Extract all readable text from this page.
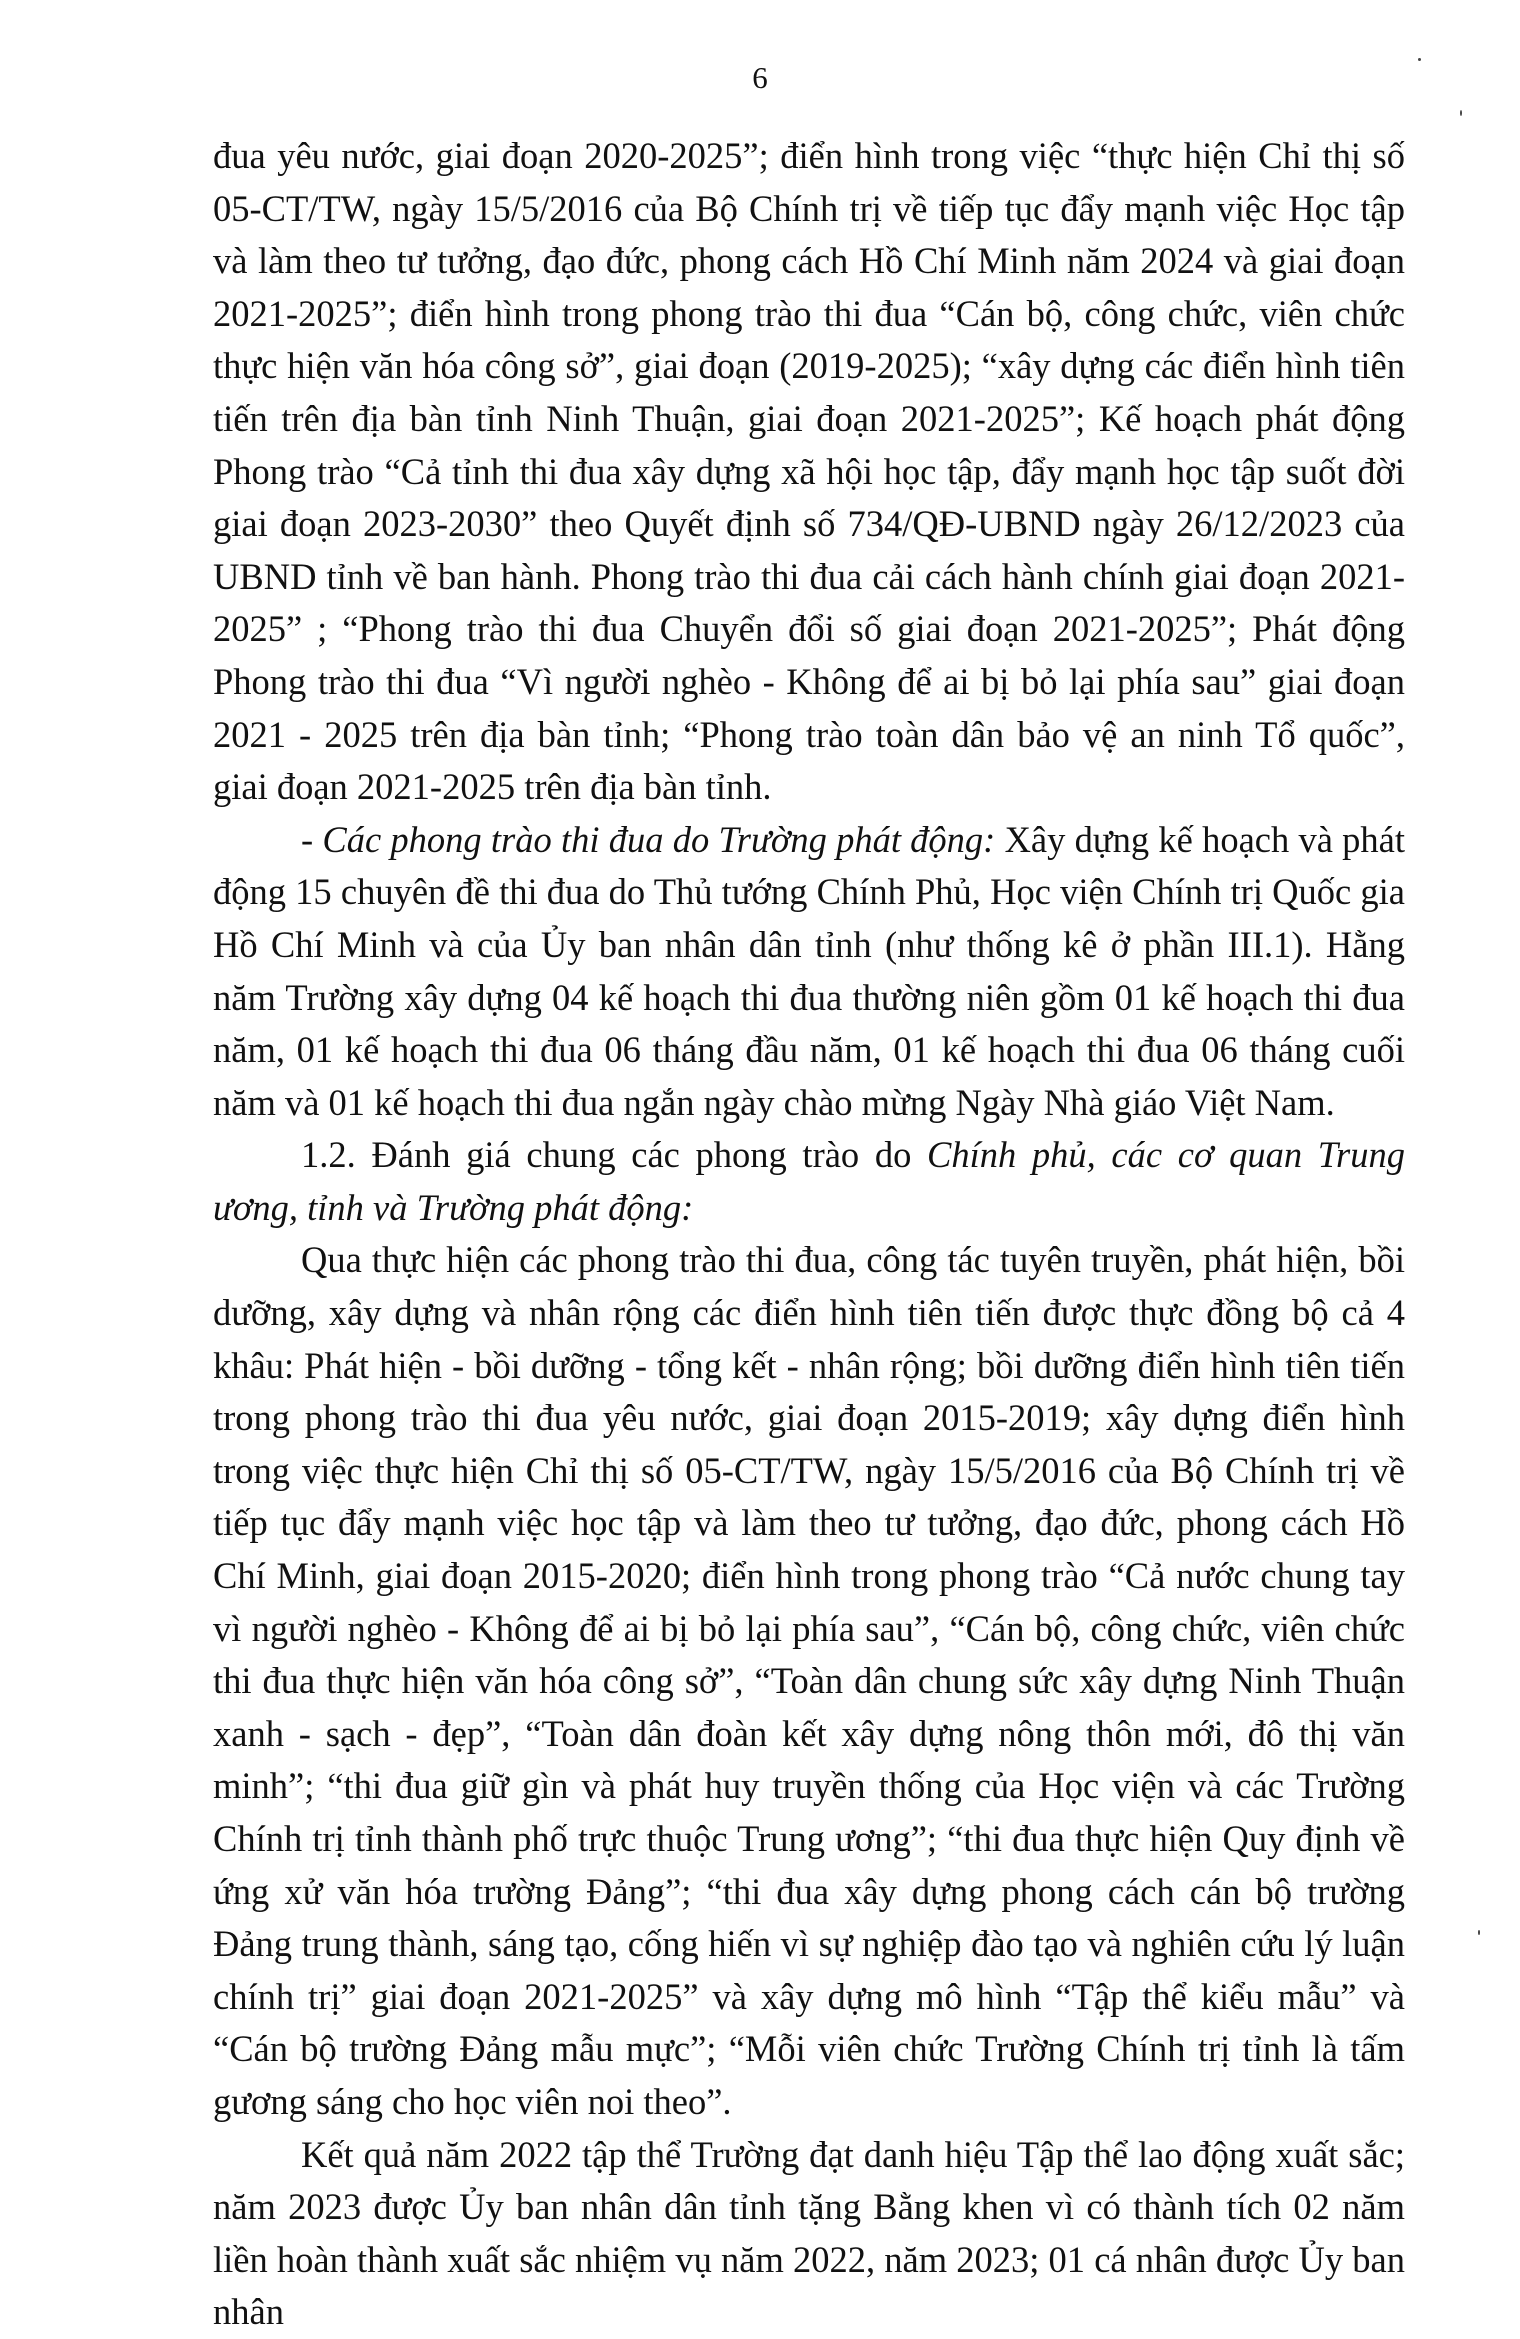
6

đua yêu nước, giai đoạn 2020-2025”; điển hình trong việc “thực hiện Chỉ thị số 05-CT/TW, ngày 15/5/2016 của Bộ Chính trị về tiếp tục đẩy mạnh việc Học tập và làm theo tư tưởng, đạo đức, phong cách Hồ Chí Minh năm 2024 và giai đoạn 2021-2025”; điển hình trong phong trào thi đua “Cán bộ, công chức, viên chức thực hiện văn hóa công sở”, giai đoạn (2019-2025); “xây dựng các điển hình tiên tiến trên địa bàn tỉnh Ninh Thuận, giai đoạn 2021-2025”; Kế hoạch phát động Phong trào “Cả tỉnh thi đua xây dựng xã hội học tập, đẩy mạnh học tập suốt đời giai đoạn 2023-2030” theo Quyết định số 734/QĐ-UBND ngày 26/12/2023 của UBND tỉnh về ban hành. Phong trào thi đua cải cách hành chính giai đoạn 2021-2025” ; “Phong trào thi đua Chuyển đổi số giai đoạn 2021-2025”; Phát động Phong trào thi đua “Vì người nghèo - Không để ai bị bỏ lại phía sau” giai đoạn 2021 - 2025 trên địa bàn tỉnh; “Phong trào toàn dân bảo vệ an ninh Tổ quốc”, giai đoạn 2021-2025 trên địa bàn tỉnh.

- Các phong trào thi đua do Trường phát động: Xây dựng kế hoạch và phát động 15 chuyên đề thi đua do Thủ tướng Chính Phủ, Học viện Chính trị Quốc gia Hồ Chí Minh và của Ủy ban nhân dân tỉnh (như thống kê ở phần III.1). Hằng năm Trường xây dựng 04 kế hoạch thi đua thường niên gồm 01 kế hoạch thi đua năm, 01 kế hoạch thi đua 06 tháng đầu năm, 01 kế hoạch thi đua 06 tháng cuối năm và 01 kế hoạch thi đua ngắn ngày chào mừng Ngày Nhà giáo Việt Nam.

1.2. Đánh giá chung các phong trào do Chính phủ, các cơ quan Trung ương, tỉnh và Trường phát động:

Qua thực hiện các phong trào thi đua, công tác tuyên truyền, phát hiện, bồi dưỡng, xây dựng và nhân rộng các điển hình tiên tiến được thực đồng bộ cả 4 khâu: Phát hiện - bồi dưỡng - tổng kết - nhân rộng; bồi dưỡng điển hình tiên tiến trong phong trào thi đua yêu nước, giai đoạn 2015-2019; xây dựng điển hình trong việc thực hiện Chỉ thị số 05-CT/TW, ngày 15/5/2016 của Bộ Chính trị về tiếp tục đẩy mạnh việc học tập và làm theo tư tưởng, đạo đức, phong cách Hồ Chí Minh, giai đoạn 2015-2020; điển hình trong phong trào “Cả nước chung tay vì người nghèo - Không để ai bị bỏ lại phía sau”, “Cán bộ, công chức, viên chức thi đua thực hiện văn hóa công sở”, “Toàn dân chung sức xây dựng Ninh Thuận xanh - sạch - đẹp”, “Toàn dân đoàn kết xây dựng nông thôn mới, đô thị văn minh”; “thi đua giữ gìn và phát huy truyền thống của Học viện và các Trường Chính trị tỉnh thành phố trực thuộc Trung ương”; “thi đua thực hiện Quy định về ứng xử văn hóa trường Đảng”; “thi đua xây dựng phong cách cán bộ trường Đảng trung thành, sáng tạo, cống hiến vì sự nghiệp đào tạo và nghiên cứu lý luận chính trị” giai đoạn 2021-2025” và xây dựng mô hình “Tập thể kiểu mẫu” và “Cán bộ trường Đảng mẫu mực”; “Mỗi viên chức Trường Chính trị tỉnh là tấm gương sáng cho học viên noi theo”.

Kết quả năm 2022 tập thể Trường đạt danh hiệu Tập thể lao động xuất sắc; năm 2023 được Ủy ban nhân dân tỉnh tặng Bằng khen vì có thành tích 02 năm liền hoàn thành xuất sắc nhiệm vụ năm 2022, năm 2023; 01 cá nhân được Ủy ban nhân
